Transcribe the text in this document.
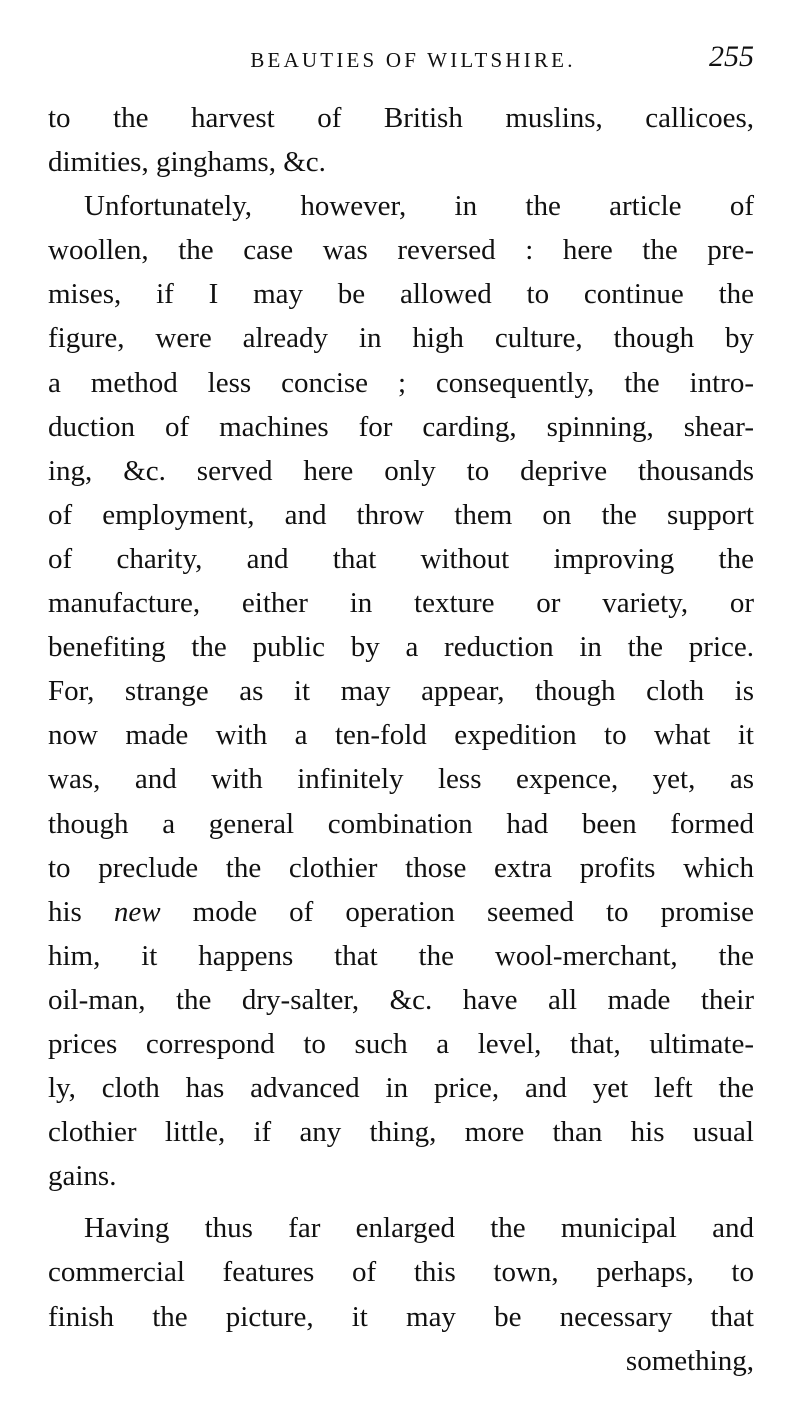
BEAUTIES OF WILTSHIRE.	255
to the harvest of British muslins, callicoes,
dimities, ginghams, &c.
Unfortunately, however, in the article of
woollen, the case was reversed : here the pre-
mises, if I may be allowed to continue the
figure, were already in high culture, though by
a method less concise ; consequently, the intro-
duction of machines for carding, spinning, shear-
ing, &c. served here only to deprive thousands
of employment, and throw them on the support
of charity, and that without improving the
manufacture, either in texture or variety, or
benefiting the public by a reduction in the price.
For, strange as it may appear, though cloth is
now made with a ten-fold expedition to what it
was, and with infinitely less expence, yet, as
though a general combination had been formed
to preclude the clothier those extra profits which
his new mode of operation seemed to promise
him, it happens that the wool-merchant, the
oil-man, the dry-salter, &c. have all made their
prices correspond to such a level, that, ultimate-
ly, cloth has advanced in price, and yet left the
clothier little, if any thing, more than his usual
gains.
Having thus far enlarged the municipal and
commercial features of this town, perhaps, to
finish the picture, it may be necessary that
something,
